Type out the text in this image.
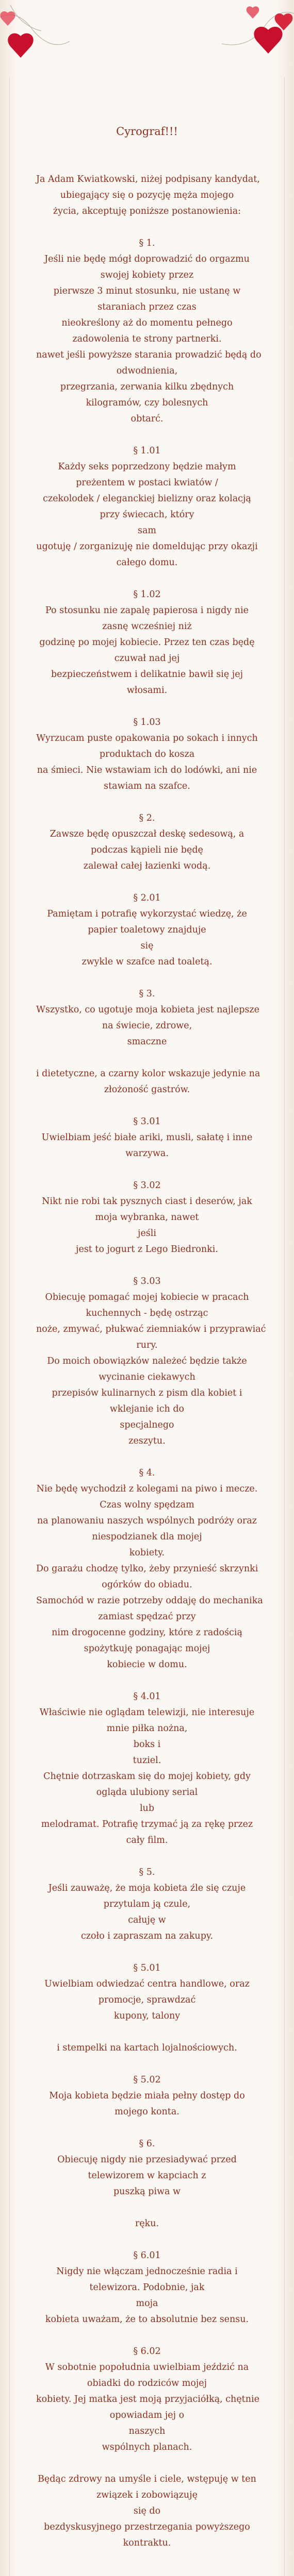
Cyrograf!!!
Ja Adam Kwiatkowski, niżej podpisany kandydat,
ubiegający się o pozycję męża mojego
życia, akceptuję poniższe postanowienia:
§ 1.
Jeśli nie będę mógł doprowadzić do orgazmu
swojej kobiety przez
pierwsze 3 minut stosunku, nie ustanę w
staraniach przez czas
nieokreślony aż do momentu pełnego
zadowolenia te strony partnerki.
nawet jeśli powyższe starania prowadzić będą do
odwodnienia,
przegrzania, zerwania kilku zbędnych
kilogramów, czy bolesnych
obtarć.
§ 1.01
Każdy seks poprzedzony będzie małym
preżentem w postaci kwiatów /
czekolodek / eleganckiej bielizny oraz kolacją
przy świecach, który
sam
ugotuję / zorganizuję nie domeldując przy okazji
całego domu.
§ 1.02
Po stosunku nie zapalę papierosa i nigdy nie
zasnę wcześniej niż
godzinę po mojej kobiecie. Przez ten czas będę
czuwał nad jej
bezpieczeństwem i delikatnie bawił się jej
włosami.
§ 1.03
Wyrzucam puste opakowania po sokach i innych
produktach do kosza
na śmieci. Nie wstawiam ich do lodówki, ani nie
stawiam na szafce.
§ 2.
Zawsze będę opuszczał deskę sedesową, a
podczas kąpieli nie będę
zalewał całej łazienki wodą.
§ 2.01
Pamiętam i potrafię wykorzystać wiedzę, że
papier toaletowy znajduje
się
zwykle w szafce nad toaletą.
§ 3.
Wszystko, co ugotuje moja kobieta jest najlepsze
na świecie, zdrowe,
smaczne
i dietetyczne, a czarny kolor wskazuje jedynie na
złożoność gastrów.
§ 3.01
Uwielbiam jeść białe ariki, musli, sałatę i inne
warzywa.
§ 3.02
Nikt nie robi tak pysznych ciast i deserów, jak
moja wybranka, nawet
jeśli
jest to jogurt z Lego Biedronki.
§ 3.03
Obiecuję pomagać mojej kobiecie w pracach
kuchennych - będę ostrząc
noże, zmywać, płukwać ziemniaków i przyprawiać
rury.
Do moich obowiązków należeć będzie także
wycinanie ciekawych
przepisów kulinarnych z pism dla kobiet i
wklejanie ich do
specjalnego
zeszytu.
§ 4.
Nie będę wychodził z kolegami na piwo i mecze.
Czas wolny spędzam
na planowaniu naszych wspólnych podróży oraz
niespodzianek dla mojej
kobiety.
Do garażu chodzę tylko, żeby przynieść skrzynki
ogórków do obiadu.
Samochód w razie potrzeby oddaję do mechanika
zamiast spędzać przy
nim drogocenne godziny, które z radością
spożytkuję ponagając mojej
kobiecie w domu.
§ 4.01
Właściwie nie oglądam telewizji, nie interesuje
mnie piłka nożna,
boks i
tuziel.
Chętnie dotrzaskam się do mojej kobiety, gdy
ogląda ulubiony serial
lub
melodramat. Potrafię trzymać ją za rękę przez
cały film.
§ 5.
Jeśli zauważę, że moja kobieta źle się czuje
przytulam ją czule,
całuję w
czoło i zapraszam na zakupy.
§ 5.01
Uwielbiam odwiedzać centra handlowe, oraz
promocje, sprawdzać
kupony, talony
i stempelki na kartach lojalnościowych.
§ 5.02
Moja kobieta będzie miała pełny dostęp do
mojego konta.
§ 6.
Obiecuję nigdy nie przesiadywać przed
telewizorem w kapciach z
puszką piwa w
ręku.
§ 6.01
Nigdy nie włączam jednocześnie radia i
telewizora. Podobnie, jak
moja
kobieta uważam, że to absolutnie bez sensu.
§ 6.02
W sobotnie popołudnia uwielbiam jeździć na
obiadki do rodziców mojej
kobiety. Jej matka jest moją przyjaciółką, chętnie
opowiadam jej o
naszych
wspólnych planach.
Będąc zdrowy na umyśle i ciele, wstępuję w ten
związek i zobowiązuję
się do
bezdyskusyjnego przestrzegania powyższego
kontraktu.
